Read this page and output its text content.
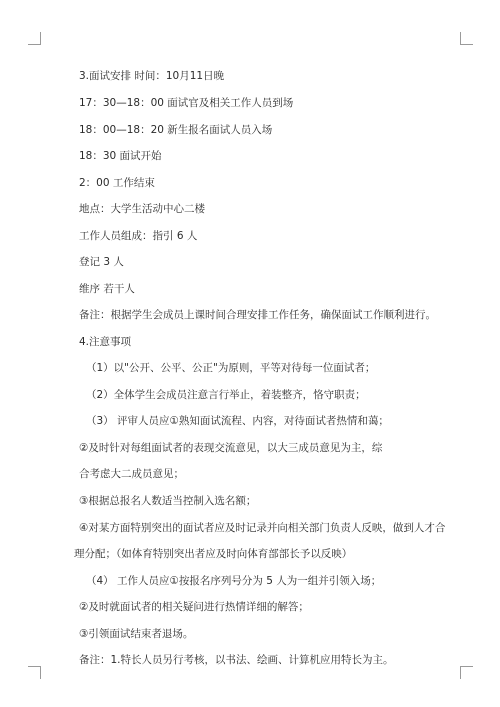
3.面试安排 时间：10月11日晚
17：30—18：00 面试官及相关工作人员到场
18：00—18：20 新生报名面试人员入场
18：30 面试开始
2：00 工作结束
地点：大学生活动中心二楼
工作人员组成：指引 6 人
登记 3 人
维序 若干人
备注：根据学生会成员上课时间合理安排工作任务，确保面试工作顺利进行。
4.注意事项
（1）以"公开、公平、公正"为原则，平等对待每一位面试者；
（2）全体学生会成员注意言行举止，着装整齐，恪守职责；
（3） 评审人员应①熟知面试流程、内容，对待面试者热情和蔼；
②及时针对每组面试者的表现交流意见，以大三成员意见为主，综
合考虑大二成员意见；
③根据总报名人数适当控制入选名额；
④对某方面特别突出的面试者应及时记录并向相关部门负责人反映，做到人才合
理分配；（如体育特别突出者应及时向体育部部长予以反映）
（4） 工作人员应①按报名序列号分为 5 人为一组并引领入场；
②及时就面试者的相关疑问进行热情详细的解答；
③引领面试结束者退场。
备注：1.特长人员另行考核，以书法、绘画、计算机应用特长为主。
